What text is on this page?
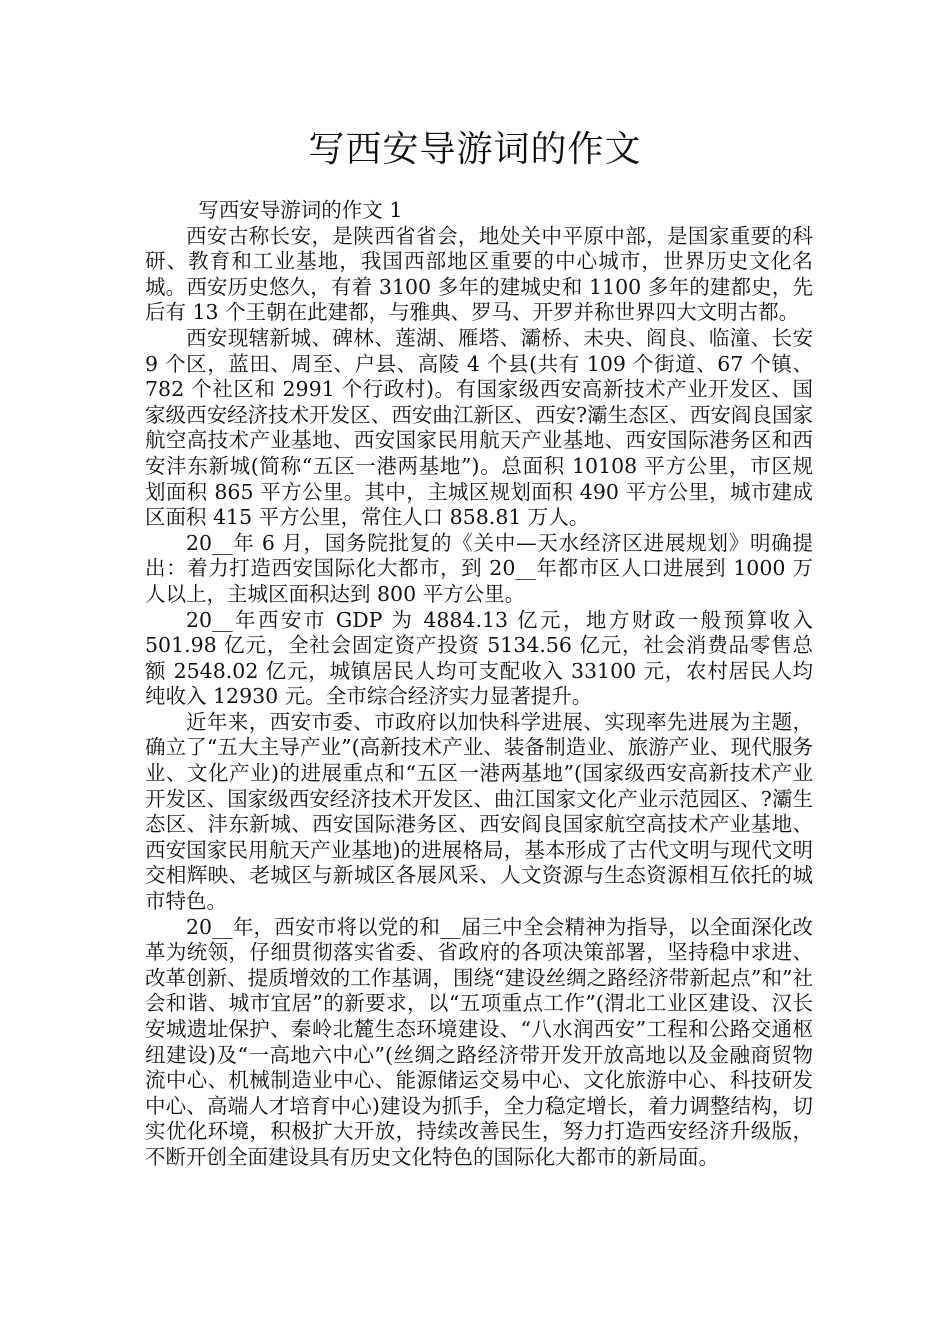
写西安导游词的作文

写西安导游词的作文 1

西安古称长安，是陕西省省会，地处关中平原中部，是国家重要的科研、教育和工业基地，我国西部地区重要的中心城市，世界历史文化名城。西安历史悠久，有着 3100 多年的建城史和 1100 多年的建都史，先后有 13 个王朝在此建都，与雅典、罗马、开罗并称世界四大文明古都。

西安现辖新城、碑林、莲湖、雁塔、灞桥、未央、阎良、临潼、长安 9 个区，蓝田、周至、户县、高陵 4 个县(共有 109 个街道、67 个镇、782 个社区和 2991 个行政村)。有国家级西安高新技术产业开发区、国家级西安经济技术开发区、西安曲江新区、西安?灞生态区、西安阎良国家航空高技术产业基地、西安国家民用航天产业基地、西安国际港务区和西安沣东新城(简称“五区一港两基地”)。总面积 10108 平方公里，市区规划面积 865 平方公里。其中，主城区规划面积 490 平方公里，城市建成区面积 415 平方公里，常住人口 858.81 万人。

20__年 6 月，国务院批复的《关中—天水经济区进展规划》明确提出：着力打造西安国际化大都市，到 20__年都市区人口进展到 1000 万人以上，主城区面积达到 800 平方公里。

20__年西安市 GDP 为 4884.13 亿元，地方财政一般预算收入 501.98 亿元，全社会固定资产投资 5134.56 亿元，社会消费品零售总额 2548.02 亿元，城镇居民人均可支配收入 33100 元，农村居民人均纯收入 12930 元。全市综合经济实力显著提升。

近年来，西安市委、市政府以加快科学进展、实现率先进展为主题，确立了“五大主导产业”(高新技术产业、装备制造业、旅游产业、现代服务业、文化产业)的进展重点和“五区一港两基地”(国家级西安高新技术产业开发区、国家级西安经济技术开发区、曲江国家文化产业示范园区、?灞生态区、沣东新城、西安国际港务区、西安阎良国家航空高技术产业基地、西安国家民用航天产业基地)的进展格局，基本形成了古代文明与现代文明交相辉映、老城区与新城区各展风采、人文资源与生态资源相互依托的城市特色。

20__年，西安市将以党的和__届三中全会精神为指导，以全面深化改革为统领，仔细贯彻落实省委、省政府的各项决策部署，坚持稳中求进、改革创新、提质增效的工作基调，围绕“建设丝绸之路经济带新起点”和”社会和谐、城市宜居”的新要求，以“五项重点工作”(渭北工业区建设、汉长安城遗址保护、秦岭北麓生态环境建设、“八水润西安”工程和公路交通枢纽建设)及“一高地六中心”(丝绸之路经济带开发开放高地以及金融商贸物流中心、机械制造业中心、能源储运交易中心、文化旅游中心、科技研发中心、高端人才培育中心)建设为抓手，全力稳定增长，着力调整结构，切实优化环境，积极扩大开放，持续改善民生，努力打造西安经济升级版，不断开创全面建设具有历史文化特色的国际化大都市的新局面。
